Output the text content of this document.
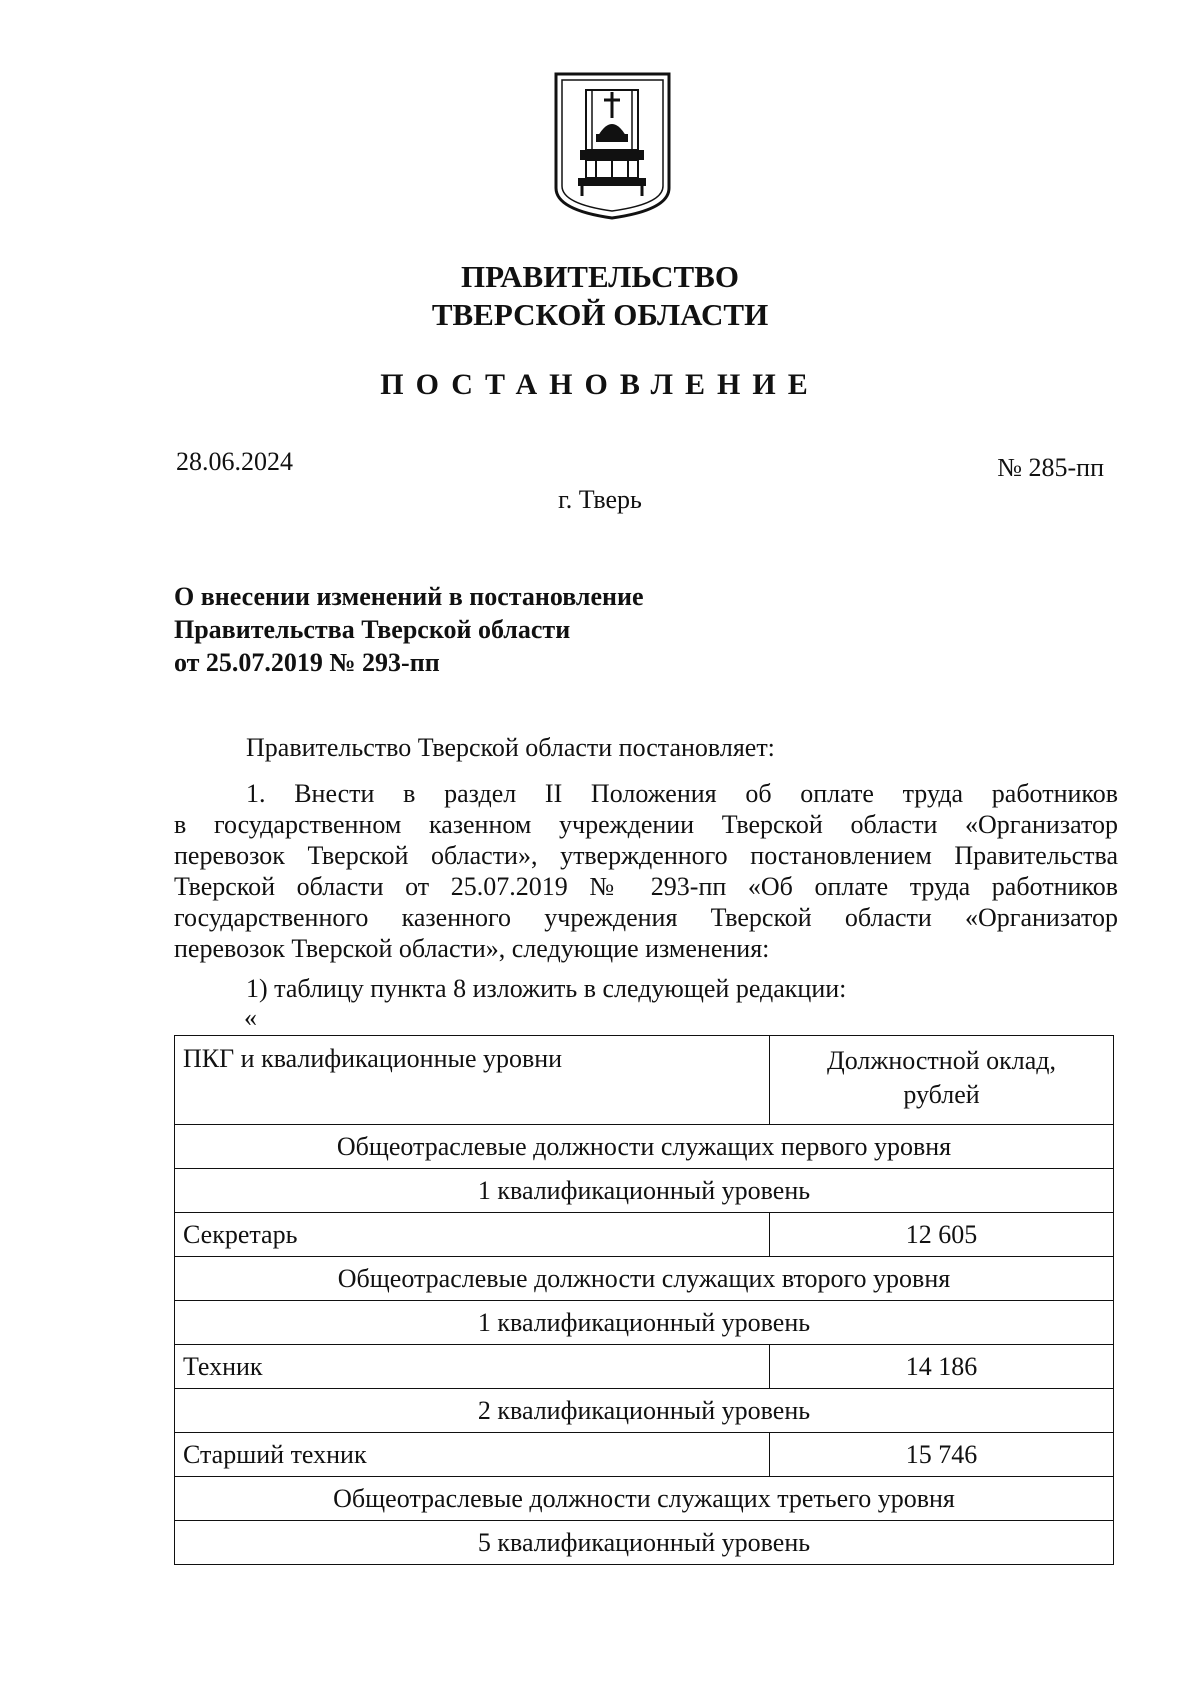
ПРАВИТЕЛЬСТВО
ТВЕРСКОЙ ОБЛАСТИ
ПОСТАНОВЛЕНИЕ
28.06.2024	№ 285-пп
г. Тверь
О внесении изменений в постановление
Правительства Тверской области
от 25.07.2019 № 293-пп
Правительство Тверской области постановляет:
1. Внести в раздел II Положения об оплате труда работников
в государственном казенном учреждении Тверской области «Организатор
перевозок Тверской области», утвержденного постановлением Правительства
Тверской области от 25.07.2019 № 293-пп «Об оплате труда работников
государственного казенного учреждения Тверской области «Организатор
перевозок Тверской области», следующие изменения:
1) таблицу пункта 8 изложить в следующей редакции:
«
ПКГ и квалификационные уровни	Должностной оклад,
рублей

Общеотраслевые должности служащих первого уровня	
1 квалификационный уровень	
Секретарь	12 605
Общеотраслевые должности служащих второго уровня	
1 квалификационный уровень	
Техник	14 186
2 квалификационный уровень	
Старший техник	15 746
Общеотраслевые должности служащих третьего уровня	
5 квалификационный уровень	
